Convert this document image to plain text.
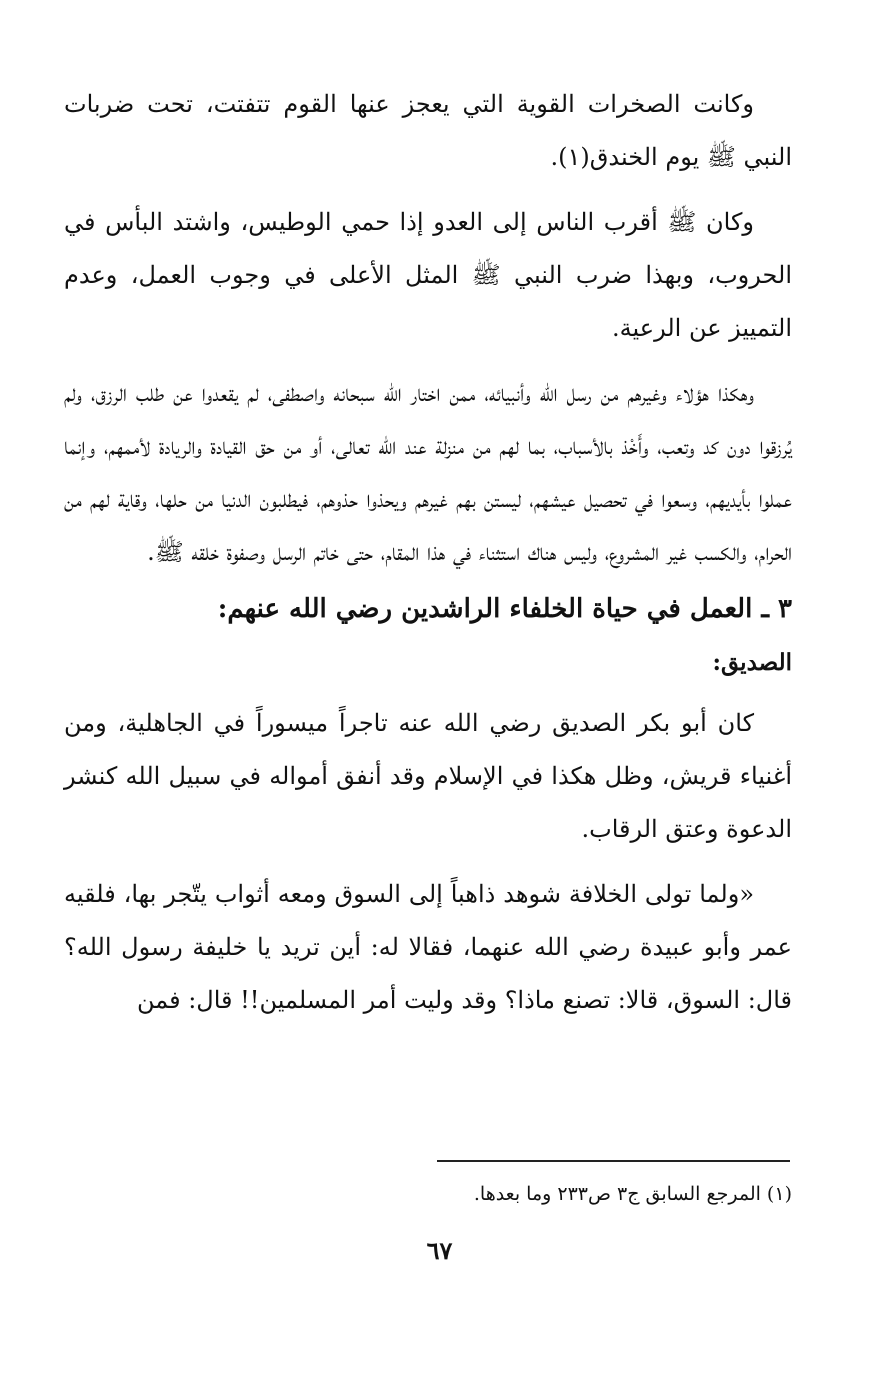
وكانت الصخرات القوية التي يعجز عنها القوم تتفتت، تحت ضربات النبي ﷺ يوم الخندق(١).

وكان ﷺ أقرب الناس إلى العدو إذا حمي الوطيس، واشتد البأس في الحروب، وبهذا ضرب النبي ﷺ المثل الأعلى في وجوب العمل، وعدم التمييز عن الرعية.

وهكذا هؤلاء وغيرهم من رسل الله وأنبيائه، ممن اختار الله سبحانه واصطفى، لم يقعدوا عن طلب الرزق، ولم يُرزقوا دون كد وتعب، وأَخْذ بالأسباب، بما لهم من منزلة عند الله تعالى، أو من حق القيادة والريادة لأممهم، وإنما عملوا بأيديهم، وسعوا في تحصيل عيشهم، ليستن بهم غيرهم ويحذوا حذوهم، فيطلبون الدنيا من حلها، وقاية لهم من الحرام، والكسب غير المشروع، وليس هناك استثناء في هذا المقام، حتى خاتم الرسل وصفوة خلقه ﷺ.

٣ ـ العمل في حياة الخلفاء الراشدين رضي الله عنهم:

الصديق:

كان أبو بكر الصديق رضي الله عنه تاجراً ميسوراً في الجاهلية، ومن أغنياء قريش، وظل هكذا في الإسلام وقد أنفق أمواله في سبيل الله كنشر الدعوة وعتق الرقاب.

«ولما تولى الخلافة شوهد ذاهباً إلى السوق ومعه أثواب يتّجر بها، فلقيه عمر وأبو عبيدة رضي الله عنهما، فقالا له: أين تريد يا خليفة رسول الله؟ قال: السوق، قالا: تصنع ماذا؟ وقد وليت أمر المسلمين!! قال: فمن

(١) المرجع السابق ج٣ ص٢٣٣ وما بعدها.
٦٧
